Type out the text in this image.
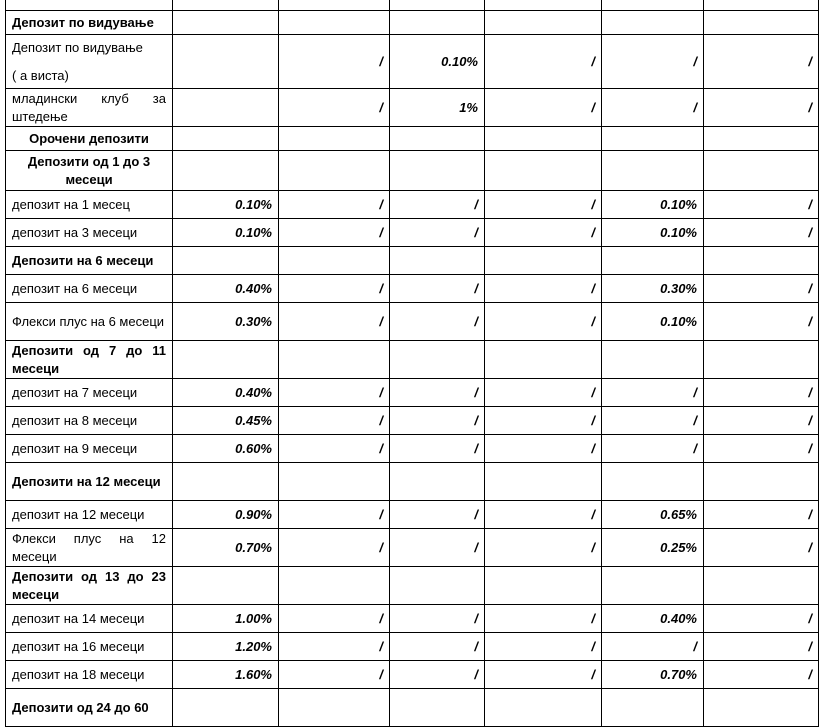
Депозит по видување						
Депозит по видување
( а виста)		/	0.10%	/	/	/
младински клуб за штедење		/	1%	/	/	/
Орочени депозити						
Депозити од 1 до 3 месеци						
депозит на 1 месец	0.10%	/	/	/	0.10%	/
депозит на 3 месеци	0.10%	/	/	/	0.10%	/
Депозити на 6 месеци						
депозит на 6 месеци	0.40%	/	/	/	0.30%	/
Флекси плус на 6 месеци	0.30%	/	/	/	0.10%	/
Депозити од 7 до 11 месеци						
депозит на 7 месеци	0.40%	/	/	/	/	/
депозит на 8 месеци	0.45%	/	/	/	/	/
депозит на 9 месеци	0.60%	/	/	/	/	/
Депозити на 12 месеци						
депозит на 12 месеци	0.90%	/	/	/	0.65%	/
Флекси плус на 12 месеци	0.70%	/	/	/	0.25%	/
Депозити од 13 до 23 месеци						
депозит на 14 месеци	1.00%	/	/	/	0.40%	/
депозит на 16 месеци	1.20%	/	/	/	/	/
депозит на 18 месеци	1.60%	/	/	/	0.70%	/
Депозити од 24 до 60						
